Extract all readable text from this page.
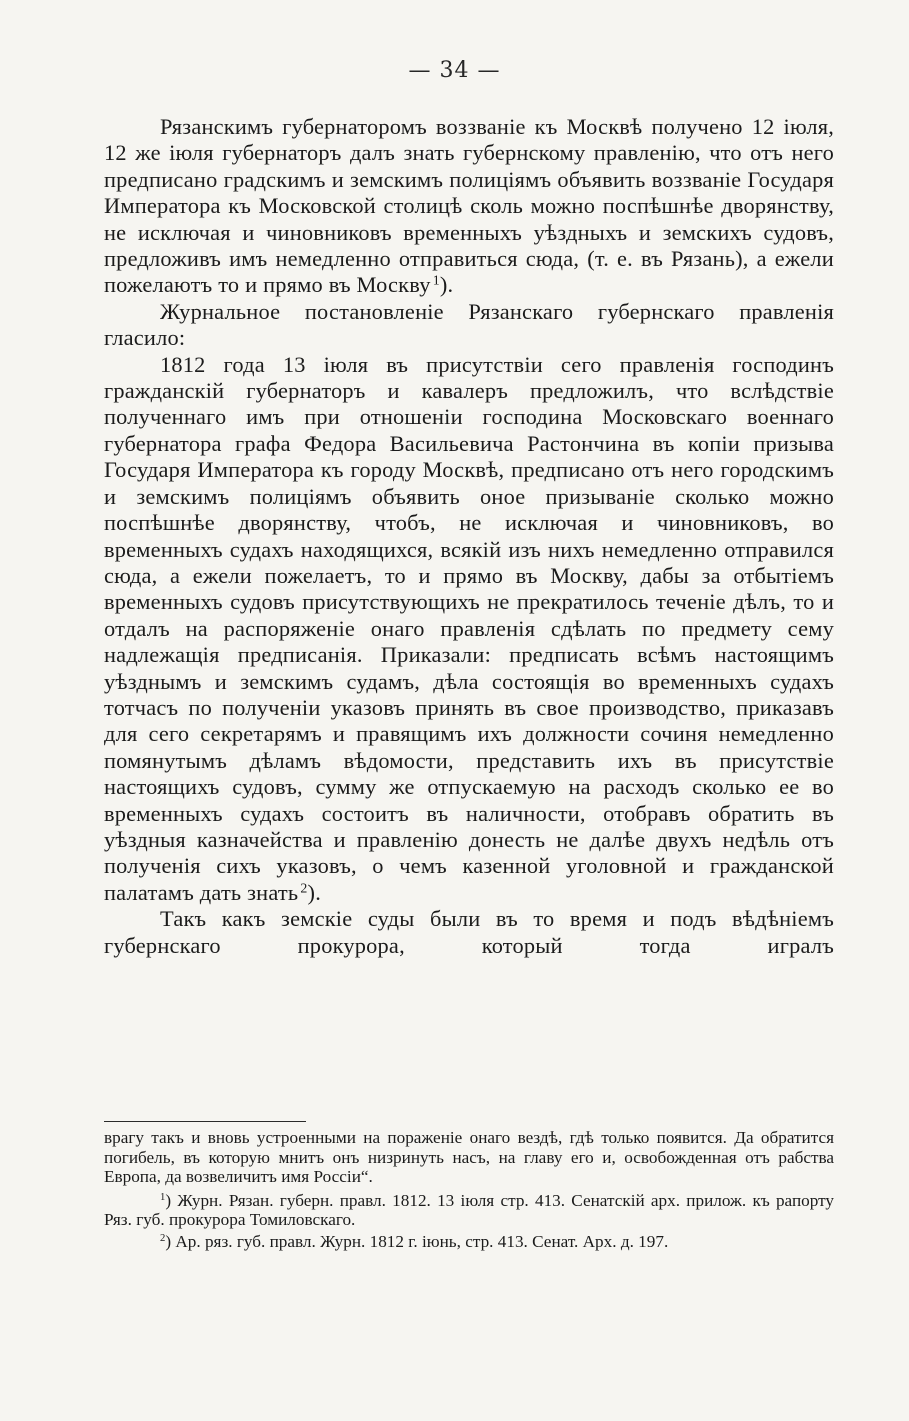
— 34 —

Рязанскимъ губернаторомъ воззваніе къ Москвѣ получено 12 іюля, 12 же іюля губернаторъ далъ знать губернскому правленію, что отъ него предписано градскимъ и земскимъ полиціямъ объявить воззваніе Государя Императора къ Московской столицѣ сколь можно поспѣшнѣе дворянству, не исключая и чиновниковъ временныхъ уѣздныхъ и земскихъ судовъ, предложивъ имъ немедленно отправиться сюда, (т. е. въ Рязань), а ежели пожелаютъ то и прямо въ Москву  $^1$).

Журнальное постановленіе Рязанскаго губернскаго правленія гласило:

1812 года 13 іюля въ присутствіи сего правленія господинъ гражданскій губернаторъ и кавалеръ предложилъ, что вслѣдствіе полученнаго имъ при отношеніи господина Московскаго военнаго губернатора графа Федора Васильевича Растончина въ копіи призыва Государя Императора къ городу Москвѣ, предписано отъ него городскимъ и земскимъ полиціямъ объявить оное призываніе сколько можно поспѣшнѣе дворянству, чтобъ, не исключая и чиновниковъ, во временныхъ судахъ находящихся, всякій изъ нихъ немедленно отправился сюда, а ежели пожелаетъ, то и прямо въ Москву, дабы за отбытіемъ временныхъ судовъ присутствующихъ не прекратилось теченіе дѣлъ, то и отдалъ на распоряженіе онаго правленія сдѣлать по предмету сему надлежащія предписанія. Приказали: предписать всѣмъ настоящимъ уѣзднымъ и земскимъ судамъ, дѣла состоящія во временныхъ судахъ тотчасъ по полученіи указовъ принять въ свое производство, приказавъ для сего секретарямъ и правящимъ ихъ должности сочиня немедленно помянутымъ дѣламъ вѣдомости, представить ихъ въ присутствіе настоящихъ судовъ, сумму же отпускаемую на расходъ сколько ее во временныхъ судахъ состоитъ въ наличности, отобравъ обратить въ уѣздныя казначейства и правленію донесть не далѣе двухъ недѣль отъ полученія сихъ указовъ, о чемъ казенной уголовной и гражданской палатамъ дать знать  $^2$).

Такъ какъ земскіе суды были въ то время и подъ вѣдѣніемъ губернскаго прокурора, который тогда игралъ

врагу такъ и вновь устроенными на пораженіе онаго вездѣ, гдѣ только появится. Да обратится погибель, въ которую мнитъ онъ низринуть насъ, на главу его и, освобожденная отъ рабства Европа, да возвеличитъ имя Россіи“.

$^1$) Журн. Рязан. губерн. правл. 1812. 13 іюля стр. 413. Сенатскій арх. прилож. къ рапорту Ряз. губ. прокурора Томиловскаго.

$^2$) Ар. ряз. губ. правл. Журн. 1812 г. іюнь, стр. 413. Сенат. Арх. д. 197.
